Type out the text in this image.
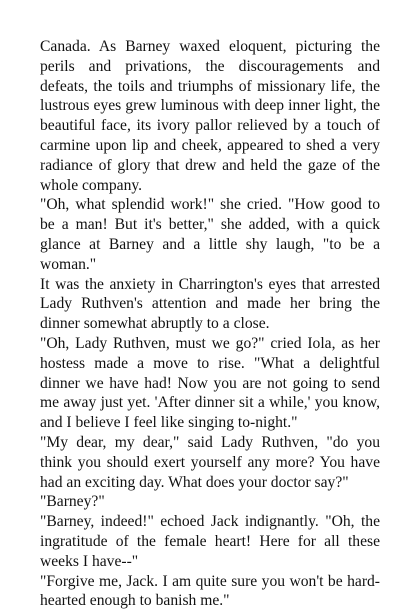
Canada. As Barney waxed eloquent, picturing the perils and privations, the discouragements and defeats, the toils and triumphs of missionary life, the lustrous eyes grew luminous with deep inner light, the beautiful face, its ivory pallor relieved by a touch of carmine upon lip and cheek, appeared to shed a very radiance of glory that drew and held the gaze of the whole company.

"Oh, what splendid work!" she cried. "How good to be a man! But it's better," she added, with a quick glance at Barney and a little shy laugh, "to be a woman."

It was the anxiety in Charrington's eyes that arrested Lady Ruthven's attention and made her bring the dinner somewhat abruptly to a close.

"Oh, Lady Ruthven, must we go?" cried Iola, as her hostess made a move to rise. "What a delightful dinner we have had! Now you are not going to send me away just yet. 'After dinner sit a while,' you know, and I believe I feel like singing to-night."

"My dear, my dear," said Lady Ruthven, "do you think you should exert yourself any more? You have had an exciting day. What does your doctor say?"

"Barney?"

"Barney, indeed!" echoed Jack indignantly. "Oh, the ingratitude of the female heart! Here for all these weeks I have--"

"Forgive me, Jack. I am quite sure you won't be hard-hearted enough to banish me."
